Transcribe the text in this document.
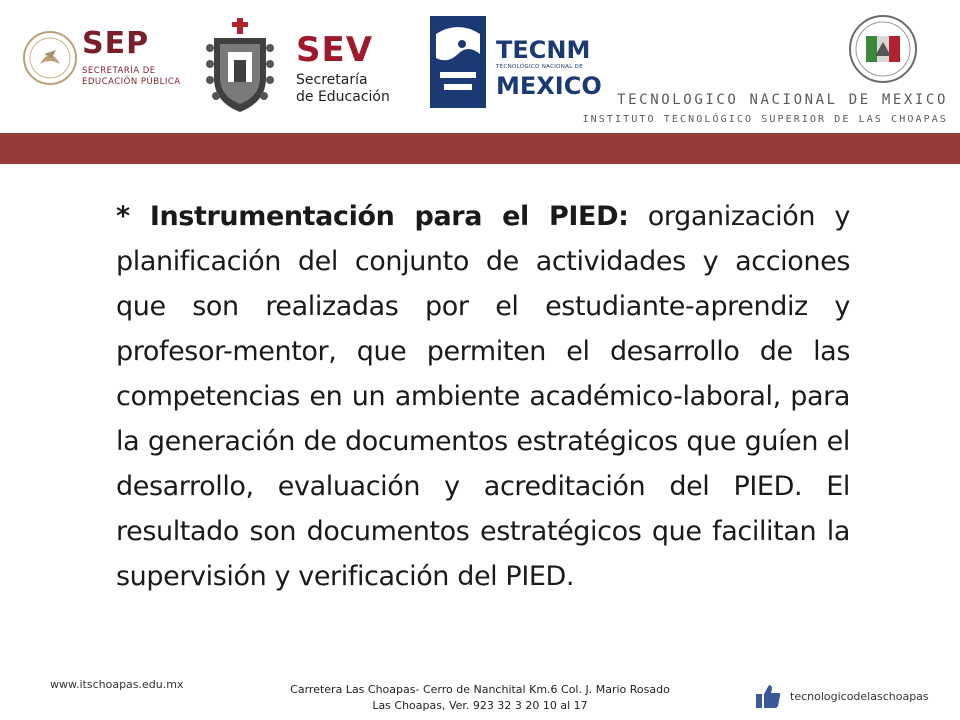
SEP
SECRETARÍA DE
EDUCACIÓN PÚBLICA
SEV
Secretaría
de Educación
TECNM
TECNOLÓGICO NACIONAL DE
MEXICO TECNOLOGICO NACIONAL DE MEXICO
INSTITUTO TECNOLÓGICO SUPERIOR DE LAS CHOAPAS
* Instrumentación para el PIED: organización y planificación del conjunto de actividades y acciones que son realizadas por el estudiante-aprendiz y profesor-mentor, que permiten el desarrollo de las competencias en un ambiente académico-laboral, para la generación de documentos estratégicos que guíen el desarrollo, evaluación y acreditación del PIED. El resultado son documentos estratégicos que facilitan la supervisión y verificación del PIED.
www.itschoapas.edu.mx	Carretera Las Choapas- Cerro de Nanchital Km.6 Col. J. Mario Rosado
Las Choapas, Ver. 923 32 3 20 10 al 17
tecnologicodelaschoapas
